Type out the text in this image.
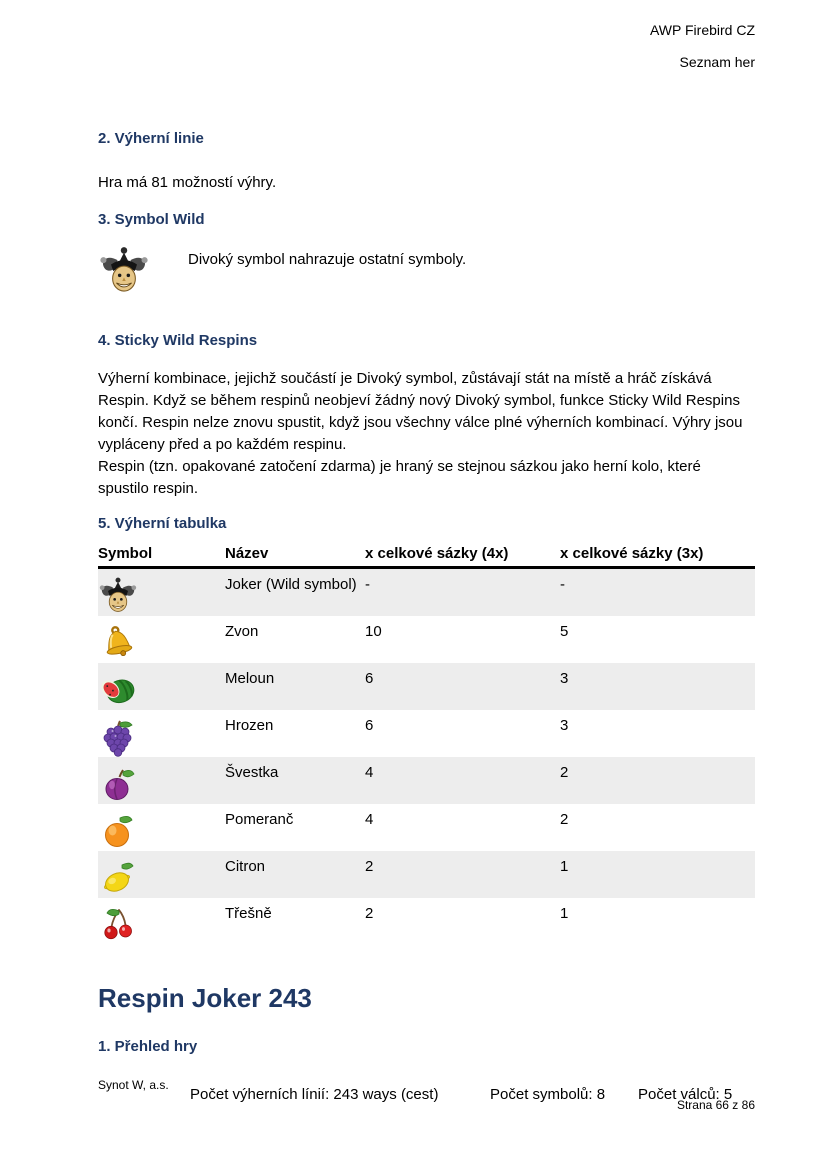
AWP Firebird CZ
Seznam her
2. Výherní linie
Hra má 81 možností výhry.
3. Symbol Wild
Divoký symbol nahrazuje ostatní symboly.
4. Sticky Wild Respins
Výherní kombinace, jejichž součástí je Divoký symbol, zůstávají stát na místě a hráč získává Respin. Když se během respinů neobjeví žádný nový Divoký symbol, funkce Sticky Wild Respins končí. Respin nelze znovu spustit, když jsou všechny válce plné výherních kombinací. Výhry jsou vypláceny před a po každém respinu.
Respin (tzn. opakované zatočení zdarma) je hraný se stejnou sázkou jako herní kolo, které spustilo respin.
5. Výherní tabulka
Symbol	Název	x celkové sázky (4x)	x celkové sázky (3x)
	Joker (Wild symbol)	-	-
	Zvon	10	5
	Meloun	6	3
	Hrozen	6	3
	Švestka	4	2
	Pomeranč	4	2
	Citron	2	1
	Třešně	2	1
Respin Joker 243
1. Přehled hry
Počet výherních línií: 243 ways (cest)	Počet symbolů: 8	Počet válců: 5
Synot W, a.s.
Strana 66 z 86
